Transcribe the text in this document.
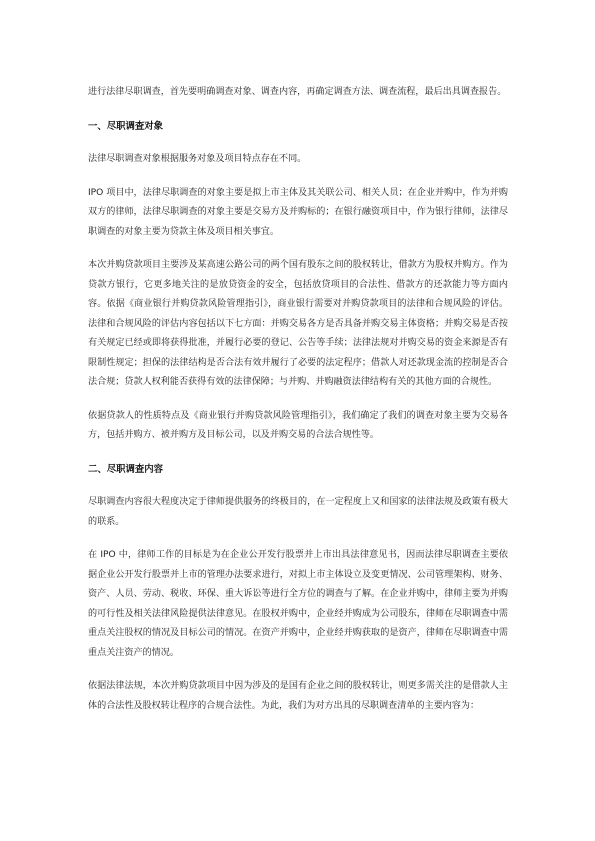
进行法律尽职调查，首先要明确调查对象、调查内容，再确定调查方法、调查流程，最后出具调查报告。

一、尽职调查对象

法律尽职调查对象根据服务对象及项目特点存在不同。

IPO 项目中，法律尽职调查的对象主要是拟上市主体及其关联公司、相关人员；在企业并购中，作为并购双方的律师，法律尽职调查的对象主要是交易方及并购标的；在银行融资项目中，作为银行律师，法律尽职调查的对象主要为贷款主体及项目相关事宜。

本次并购贷款项目主要涉及某高速公路公司的两个国有股东之间的股权转让，借款方为股权并购方。作为贷款方银行，它更多地关注的是放贷资金的安全，包括放贷项目的合法性、借款方的还款能力等方面内容。依据《商业银行并购贷款风险管理指引》，商业银行需要对并购贷款项目的法律和合规风险的评估。法律和合规风险的评估内容包括以下七方面：并购交易各方是否具备并购交易主体资格；并购交易是否按有关规定已经或即将获得批准，并履行必要的登记、公告等手续；法律法规对并购交易的资金来源是否有限制性规定；担保的法律结构是否合法有效并履行了必要的法定程序；借款人对还款现金流的控制是否合法合规；贷款人权利能否获得有效的法律保障；与并购、并购融资法律结构有关的其他方面的合规性。

依据贷款人的性质特点及《商业银行并购贷款风险管理指引》，我们确定了我们的调查对象主要为交易各方，包括并购方、被并购方及目标公司，以及并购交易的合法合规性等。

二、尽职调查内容

尽职调查内容很大程度决定于律师提供服务的终极目的，在一定程度上又和国家的法律法规及政策有极大的联系。

在 IPO 中，律师工作的目标是为在企业公开发行股票并上市出具法律意见书，因而法律尽职调查主要依据企业公开发行股票并上市的管理办法要求进行，对拟上市主体设立及变更情况、公司管理架构、财务、资产、人员、劳动、税收、环保、重大诉讼等进行全方位的调查与了解。在企业并购中，律师主要为并购的可行性及相关法律风险提供法律意见。在股权并购中，企业经并购成为公司股东，律师在尽职调查中需重点关注股权的情况及目标公司的情况。在资产并购中，企业经并购获取的是资产，律师在尽职调查中需重点关注资产的情况。

依据法律法规，本次并购贷款项目中因为涉及的是国有企业之间的股权转让，则更多需关注的是借款人主体的合法性及股权转让程序的合规合法性。为此，我们为对方出具的尽职调查清单的主要内容为：
